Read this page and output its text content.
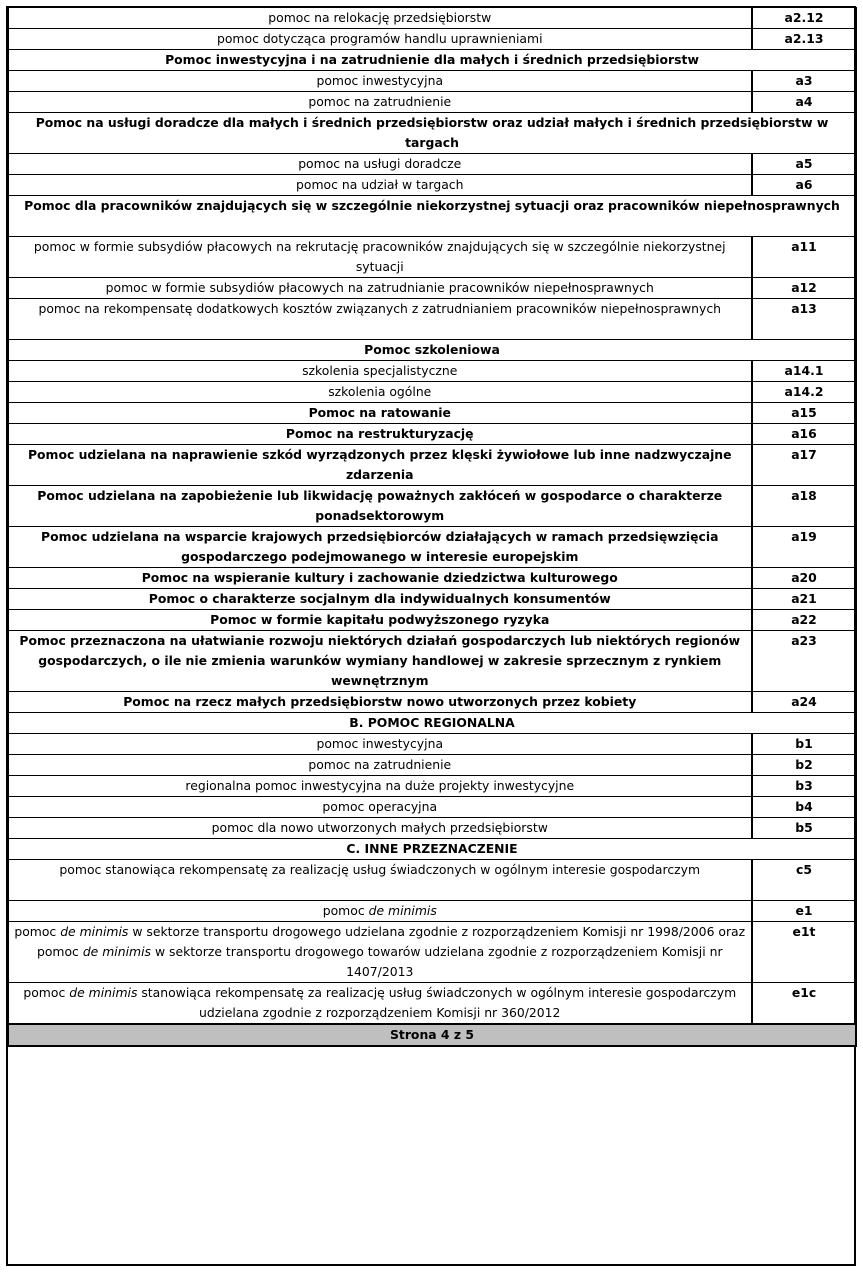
pomoc na relokację przedsiębiorstw	a2.12
pomoc dotycząca programów handlu uprawnieniami	a2.13
Pomoc inwestycyjna i na zatrudnienie dla małych i średnich przedsiębiorstw	
pomoc inwestycyjna	a3
pomoc na zatrudnienie	a4
Pomoc na usługi doradcze dla małych i średnich przedsiębiorstw oraz udział małych i średnich przedsiębiorstw w targach	
pomoc na usługi doradcze	a5
pomoc na udział w targach	a6
Pomoc dla pracowników znajdujących się w szczególnie niekorzystnej sytuacji oraz pracowników niepełnosprawnych	
pomoc w formie subsydiów płacowych na rekrutację pracowników znajdujących się w szczególnie niekorzystnej sytuacji	a11
pomoc w formie subsydiów płacowych na zatrudnianie pracowników niepełnosprawnych	a12
pomoc na rekompensatę dodatkowych kosztów związanych z zatrudnianiem pracowników niepełnosprawnych	a13
Pomoc szkoleniowa	
szkolenia specjalistyczne	a14.1
szkolenia ogólne	a14.2
Pomoc na ratowanie	a15
Pomoc na restrukturyzację	a16
Pomoc udzielana na naprawienie szkód wyrządzonych przez klęski żywiołowe lub inne nadzwyczajne zdarzenia	a17
Pomoc udzielana na zapobieżenie lub likwidację poważnych zakłóceń w gospodarce o charakterze ponadsektorowym	a18
Pomoc udzielana na wsparcie krajowych przedsiębiorców działających w ramach przedsięwzięcia gospodarczego podejmowanego w interesie europejskim	a19
Pomoc na wspieranie kultury i zachowanie dziedzictwa kulturowego	a20
Pomoc o charakterze socjalnym dla indywidualnych konsumentów	a21
Pomoc w formie kapitału podwyższonego ryzyka	a22
Pomoc przeznaczona na ułatwianie rozwoju niektórych działań gospodarczych lub niektórych regionów gospodarczych, o ile nie zmienia warunków wymiany handlowej w zakresie sprzecznym z rynkiem wewnętrznym	a23
Pomoc na rzecz małych przedsiębiorstw nowo utworzonych przez kobiety	a24
B. POMOC REGIONALNA	
pomoc inwestycyjna	b1
pomoc na zatrudnienie	b2
regionalna pomoc inwestycyjna na duże projekty inwestycyjne	b3
pomoc operacyjna	b4
pomoc dla nowo utworzonych małych przedsiębiorstw	b5
C. INNE PRZEZNACZENIE	
pomoc stanowiąca rekompensatę za realizację usług świadczonych w ogólnym interesie gospodarczym	c5
pomoc de minimis	e1
pomoc de minimis w sektorze transportu drogowego udzielana zgodnie z rozporządzeniem Komisji nr 1998/2006 oraz pomoc de minimis w sektorze transportu drogowego towarów udzielana zgodnie z rozporządzeniem Komisji nr 1407/2013	e1t
pomoc de minimis stanowiąca rekompensatę za realizację usług świadczonych w ogólnym interesie gospodarczym udzielana zgodnie z rozporządzeniem Komisji nr 360/2012	e1c
Strona 4 z 5	
